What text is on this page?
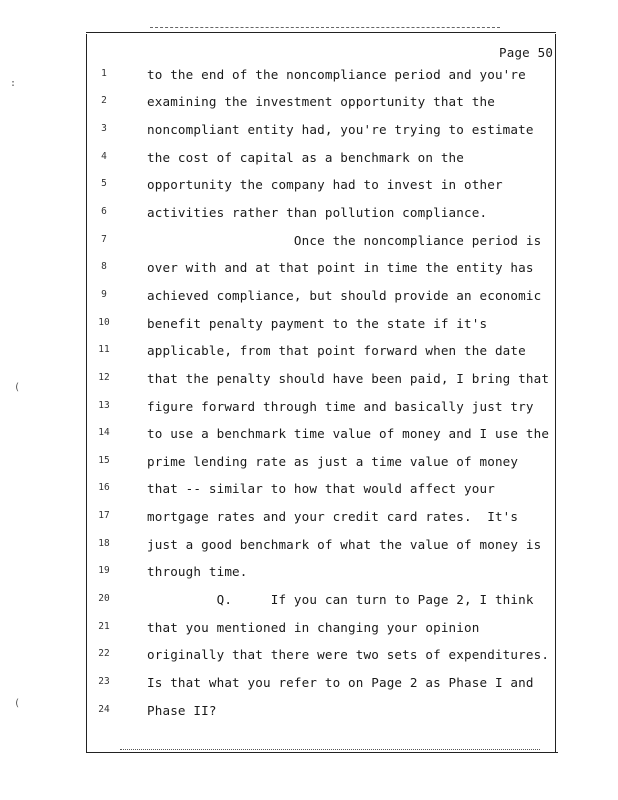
:
(
(
Page 50
1	to the end of the noncompliance period and you're
2	examining the investment opportunity that the
3	noncompliant entity had, you're trying to estimate
4	the cost of capital as a benchmark on the
5	opportunity the company had to invest in other
6	activities rather than pollution compliance.
7	Once the noncompliance period is
8	over with and at that point in time the entity has
9	achieved compliance, but should provide an economic
10	benefit penalty payment to the state if it's
11	applicable, from that point forward when the date
12	that the penalty should have been paid, I bring that
13	figure forward through time and basically just try
14	to use a benchmark time value of money and I use the
15	prime lending rate as just a time value of money
16	that -- similar to how that would affect your
17	mortgage rates and your credit card rates.  It's
18	just a good benchmark of what the value of money is
19	through time.
20	Q.     If you can turn to Page 2, I think
21	that you mentioned in changing your opinion
22	originally that there were two sets of expenditures.
23	Is that what you refer to on Page 2 as Phase I and
24	Phase II?
